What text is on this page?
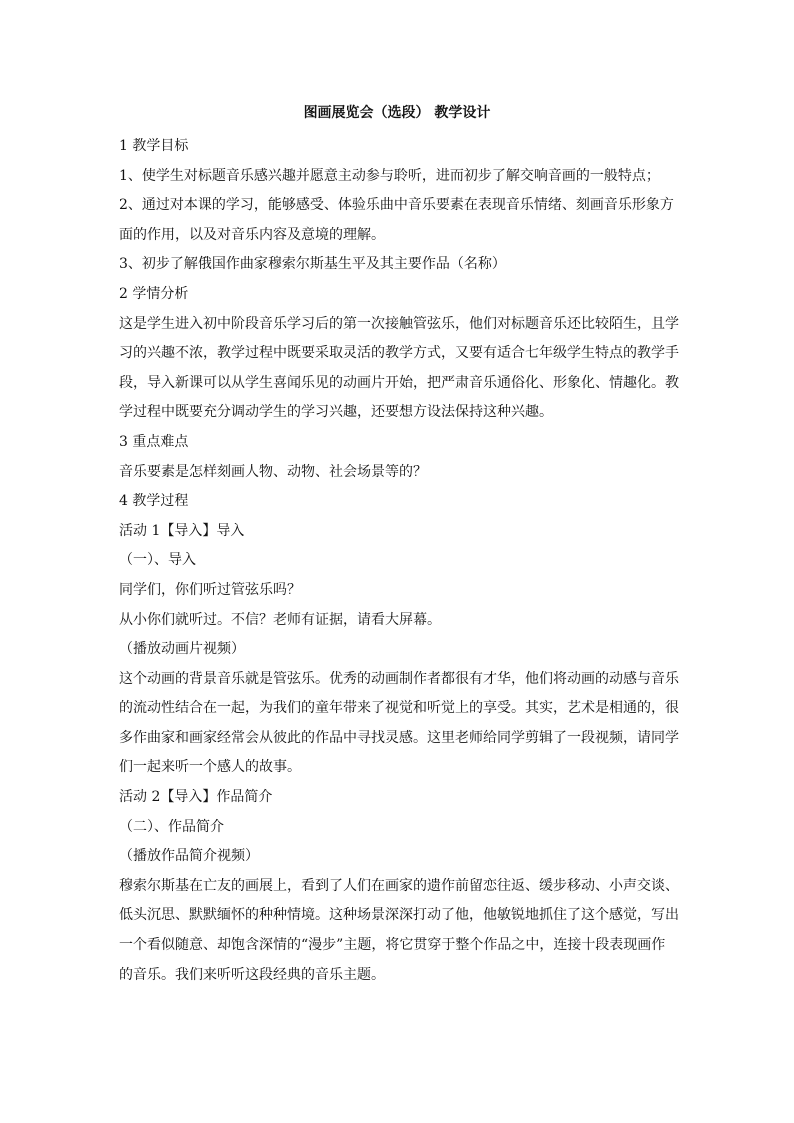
图画展览会（选段） 教学设计

1 教学目标

1、使学生对标题音乐感兴趣并愿意主动参与聆听，进而初步了解交响音画的一般特点；

2、通过对本课的学习，能够感受、体验乐曲中音乐要素在表现音乐情绪、刻画音乐形象方面的作用，以及对音乐内容及意境的理解。

3、初步了解俄国作曲家穆索尔斯基生平及其主要作品（名称）

2 学情分析

这是学生进入初中阶段音乐学习后的第一次接触管弦乐，他们对标题音乐还比较陌生，且学习的兴趣不浓，教学过程中既要采取灵活的教学方式，又要有适合七年级学生特点的教学手段，导入新课可以从学生喜闻乐见的动画片开始，把严肃音乐通俗化、形象化、情趣化。教学过程中既要充分调动学生的学习兴趣，还要想方设法保持这种兴趣。

3 重点难点

音乐要素是怎样刻画人物、动物、社会场景等的？

4 教学过程

活动 1【导入】导入

（一）、导入

同学们，你们听过管弦乐吗？

从小你们就听过。不信？老师有证据，请看大屏幕。

（播放动画片视频）

这个动画的背景音乐就是管弦乐。优秀的动画制作者都很有才华，他们将动画的动感与音乐的流动性结合在一起，为我们的童年带来了视觉和听觉上的享受。其实，艺术是相通的，很多作曲家和画家经常会从彼此的作品中寻找灵感。这里老师给同学剪辑了一段视频，请同学们一起来听一个感人的故事。

活动 2【导入】作品简介

（二）、作品简介

（播放作品简介视频）

穆索尔斯基在亡友的画展上，看到了人们在画家的遗作前留恋往返、缓步移动、小声交谈、低头沉思、默默缅怀的种种情境。这种场景深深打动了他，他敏锐地抓住了这个感觉，写出一个看似随意、却饱含深情的“漫步”主题，将它贯穿于整个作品之中，连接十段表现画作的音乐。我们来听听这段经典的音乐主题。
